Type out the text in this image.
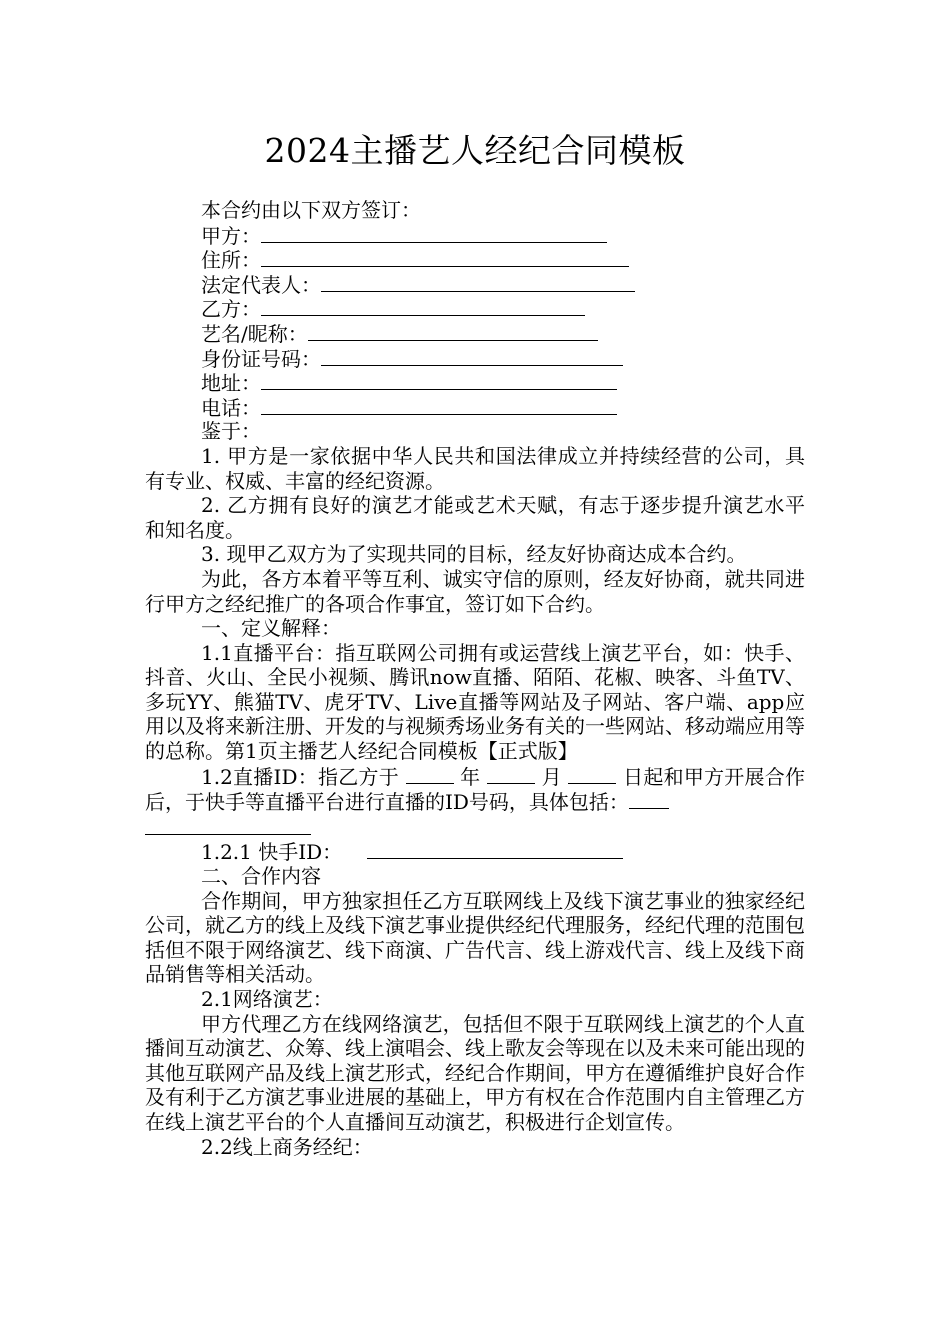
2024主播艺人经纪合同模板
本合约由以下双方签订：
甲方：
住所：
法定代表人：
乙方：
艺名/昵称：
身份证号码：
地址：
电话：
鉴于：
1. 甲方是一家依据中华人民共和国法律成立并持续经营的公司，具有专业、权威、丰富的经纪资源。
2. 乙方拥有良好的演艺才能或艺术天赋，有志于逐步提升演艺水平和知名度。
3. 现甲乙双方为了实现共同的目标，经友好协商达成本合约。
为此，各方本着平等互利、诚实守信的原则，经友好协商，就共同进行甲方之经纪推广的各项合作事宜，签订如下合约。
一、定义解释：
1.1直播平台：指互联网公司拥有或运营线上演艺平台，如：快手、抖音、火山、全民小视频、腾讯now直播、陌陌、花椒、映客、斗鱼TV、多玩YY、熊猫TV、虎牙TV、Live直播等网站及子网站、客户端、app应用以及将来新注册、开发的与视频秀场业务有关的一些网站、移动端应用等的总称。第1页主播艺人经纪合同模板【正式版】
1.2直播ID：指乙方于	年	月	日起和甲方开展合作后，于快手等直播平台进行直播的ID号码，具体包括：
1.2.1 快手ID：
二、合作内容
合作期间，甲方独家担任乙方互联网线上及线下演艺事业的独家经纪公司，就乙方的线上及线下演艺事业提供经纪代理服务，经纪代理的范围包括但不限于网络演艺、线下商演、广告代言、线上游戏代言、线上及线下商品销售等相关活动。
2.1网络演艺：
甲方代理乙方在线网络演艺，包括但不限于互联网线上演艺的个人直播间互动演艺、众筹、线上演唱会、线上歌友会等现在以及未来可能出现的其他互联网产品及线上演艺形式，经纪合作期间，甲方在遵循维护良好合作及有利于乙方演艺事业进展的基础上，甲方有权在合作范围内自主管理乙方在线上演艺平台的个人直播间互动演艺，积极进行企划宣传。
2.2线上商务经纪：
